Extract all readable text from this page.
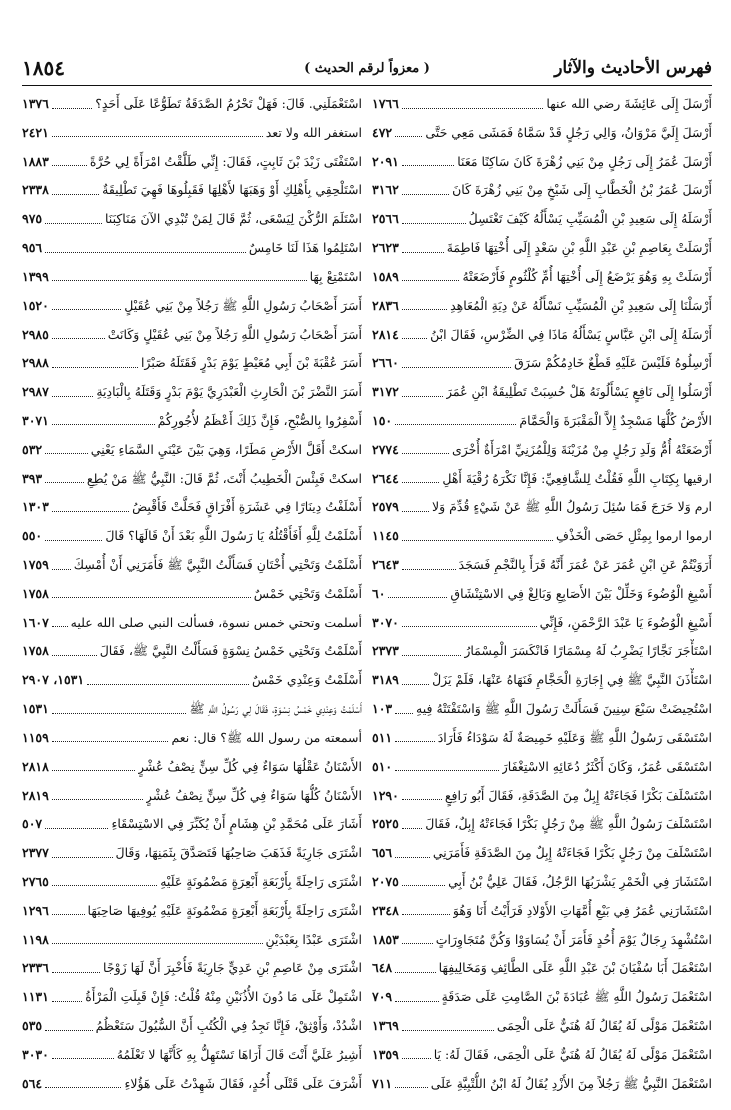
فهرس الأحاديث والآثار
( معزواً لرقم الحديث )
١٨٥٤
أَرْسَلَ إِلَى عَائِشَةَ رضي الله عنها
١٧٦٦
أَرْسَلَ إِلَيَّ مَرْوَانُ، وَالِي رَجُلٍ قَدْ سَمَّاهُ فَمَشَى مَعِي حَتَّى
٤٧٢
أَرْسَلَ عُمَرُ إِلَى رَجُلٍ مِنْ بَنِي زُهْرَةَ كَانَ سَاكِنًا مَعَنَا
٢٠٩١
أَرْسَلَ عُمَرُ بْنُ الْخَطَّابِ إِلَى شَيْخٍ مِنْ بَنِي زُهْرَةَ كَانَ
٣١٦٢
أَرْسَلَهُ إِلَى سَعِيدِ بْنِ الْمُسَيِّبِ يَسْأَلُهُ كَيْفَ تَغْتَسِلُ
٢٥٦٦
أَرْسَلَتْ بِعَاصِمِ بْنِ عَبْدِ اللَّهِ بْنِ سَعْدٍ إِلَى أُخْتِهَا فَاطِمَةَ
٢٦٢٣
أَرْسَلَتْ بِهِ وَهُوَ يَرْضَعُ إِلَى أُخْتِهَا أُمِّ كُلْثُومٍ فَأَرْضَعَتْهُ
١٥٨٩
أَرْسَلْنَا إِلَى سَعِيدِ بْنِ الْمُسَيِّبِ نَسْأَلُهُ عَنْ دِيَةِ الْمُعَاهِدِ
٢٨٣٦
أَرْسَلَهُ إِلَى ابْنِ عَبَّاسٍ يَسْأَلُهُ مَاذَا فِي الضِّرْسِ، فَقَالَ ابْنُ
٢٨١٤
أَرْسِلُوهُ فَلَيْسَ عَلَيْهِ قَطْعٌ خَادِمُكُمْ سَرَقَ
٢٦٦٠
أَرْسَلُوا إِلَى نَافِعٍ يَسْأَلُونَهُ هَلْ حُسِبَتْ تَطْلِيقَةُ ابْنِ عُمَرَ
٣١٧٢
الأَرْضُ كُلُّهَا مَسْجِدٌ إِلاَّ الْمَقْبَرَةَ وَالْحَمَّامَ
١٥٠
أَرْضَعَتْهُ أُمُّ وَلَدِ رَجُلٍ مِنْ مُزَيْنَةَ وَلِلْمُزَنِيِّ امْرَأَةٌ أُخْرَى
٢٧٧٤
ارقيها بِكِتَابِ اللَّهِ فَقُلْتُ لِلشَّافِعِيِّ: فَإِنَّا نَكْرَهُ رُقْيَةَ أَهْلِ
٢٦٤٤
ارم وَلا حَرَجَ فَمَا سُئِلَ رَسُولُ اللَّهِ ﷺ عَنْ شَيْءٍ قُدِّمَ وَلا
٢٥٧٩
ارموا ارموا بِمِثْلِ حَصَى الْخَذْفِ
١١٤٥
أَرَوَيْتُمْ عَنِ ابْنِ عُمَرَ عَنْ عُمَرَ أَنَّهُ قَرَأَ بِالنَّجْمِ فَسَجَدَ
٢٦٤٣
أَسْبِغِ الْوُضُوءَ وَخَلِّلْ بَيْنَ الأَصَابِعِ وَبَالِغْ فِي الاسْتِنْشَاقِ
٦٠
أَسْبِغِ الْوُضُوءَ يَا عَبْدَ الرَّحْمَنِ، فَإِنِّي
٣٠٧٠
اسْتَأْجَرَ نَجَّارًا يَضْرِبُ لَهُ مِسْمَارًا فَانْكَسَرَ الْمِسْمَارُ
٢٣٧٣
اسْتَأْذَنَ النَّبِيَّ ﷺ فِي إِجَارَةِ الْحَجَّامِ فَنَهَاهُ عَنْهَا، فَلَمْ يَزَلْ
٣١٨٩
اسْتُحِيضَتْ سَبْعَ سِنِينَ فَسَأَلَتْ رَسُولَ اللَّهِ ﷺ وَاسْتَفْتَتْهُ فِيهِ
١٠٣
اسْتَسْقَى رَسُولُ اللَّهِ ﷺ وَعَلَيْهِ خَمِيصَةٌ لَهُ سَوْدَاءُ فَأَرَادَ
٥١١
اسْتَسْقَى عُمَرُ، وَكَانَ أَكْثَرُ دُعَائِهِ الاسْتِغْفَارَ
٥١٠
اسْتَسْلَفَ بَكْرًا فَجَاءَتْهُ إِبِلٌ مِنَ الصَّدَقَةِ، فَقَالَ أَبُو رَافِعٍ
١٢٩٠
اسْتَسْلَفَ رَسُولُ اللَّهِ ﷺ مِنْ رَجُلٍ بَكْرًا فَجَاءَتْهُ إِبِلٌ، فَقَالَ
٢٥٢٥
اسْتَسْلَفَ مِنْ رَجُلٍ بَكْرًا فَجَاءَتْهُ إِبِلٌ مِنَ الصَّدَقَةِ فَأَمَرَنِي
٦٥٦
اسْتَشَارَ فِي الْخَمْرِ يَشْرَبُهَا الرَّجُلُ، فَقَالَ عَلِيُّ بْنُ أَبِي
٢٠٧٥
اسْتَشَارَنِي عُمَرُ فِي بَيْعِ أُمَّهَاتِ الأَوْلادِ فَرَأَيْتُ أَنَا وَهُوَ
٢٣٤٨
اسْتُشْهِدَ رِجَالٌ يَوْمَ أُحُدٍ فَأَمَرَ أَنْ يُسَاوَوْا وَكُنَّ مُتَجَاوِرَاتٍ
١٨٥٣
اسْتَعْمَلَ أَبَا سُفْيَانَ بْنَ عَبْدِ اللَّهِ عَلَى الطَّائِفِ وَمَخَالِيفِهَا
٦٤٨
اسْتَعْمَلَ رَسُولُ اللَّهِ ﷺ عُبَادَةَ بْنَ الصَّامِتِ عَلَى صَدَقَةٍ
٧٠٩
اسْتَعْمَلَ مَوْلًى لَهُ يُقَالُ لَهُ هُنَيٌّ عَلَى الْحِمَى
١٣٦٩
اسْتَعْمَلَ مَوْلًى لَهُ يُقَالُ لَهُ هُنَيٌّ عَلَى الْحِمَى، فَقَالَ لَهُ: يَا
١٣٥٩
اسْتَعْمَلَ النَّبِيُّ ﷺ رَجُلاً مِنَ الأَزْدِ يُقَالُ لَهُ ابْنُ اللُّتْبِيَّةِ عَلَى
٧١١
اسْتَعْمَلَنِي. قَالَ: فَهَلْ تَحْرُمُ الصَّدَقَةُ تَطَوُّعًا عَلَى أَحَدٍ؟
١٣٧٦
استغفر الله ولا تعد
٢٤٢١
اسْتَفْتَى زَيْدَ بْنَ ثَابِتٍ، فَقَالَ: إِنِّي طَلَّقْتُ امْرَأَةً لِي حُرَّةً
١٨٨٣
اسْتَلْحِقِي بِأَهْلِكِ أَوْ وَهَبَهَا لأَهْلِهَا فَقَبِلُوهَا فَهِيَ تَطْلِيقَةٌ
٢٣٣٨
اسْتَلَمَ الرُّكْنَ لِيَسْعَى، ثُمَّ قَالَ لِمَنْ تُبْدِي الآنَ مَنَاكِبَنَا
٩٧٥
اسْتَلِمُوا هَذَا لَنَا خَامِسٌ
٩٥٦
اسْتَمْتِعْ بِهَا
١٣٩٩
أَسَرَ أَصْحَابُ رَسُولِ اللَّهِ ﷺ رَجُلاً مِنْ بَنِي عُقَيْلٍ
١٥٢٠
أَسَرَ أَصْحَابُ رَسُولِ اللَّهِ رَجُلاً مِنْ بَنِي عُقَيْلٍ وَكَانَتْ
٢٩٨٥
أَسَرَ عُقْبَةَ بْنَ أَبِي مُعَيْطٍ يَوْمَ بَدْرٍ فَقَتَلَهُ صَبْرًا
٢٩٨٨
أَسَرَ النَّضْرَ بْنَ الْحَارِثِ الْعَبْدَرِيَّ يَوْمَ بَدْرٍ وَقَتَلَهُ بِالْبَادِيَةِ
٢٩٨٧
أَسْفِرُوا بِالصُّبْحِ، فَإِنَّ ذَلِكَ أَعْظَمُ لأُجُورِكُمْ
٣٠٧١
اسكتْ أَقَلَّ الأَرْضِ مَطَرًا، وَهِيَ بَيْنَ عَيْنَيِ السَّمَاءِ يَعْنِي
٥٣٢
اسكتْ فَبِئْسَ الْخَطِيبُ أَنْتَ، ثُمَّ قَالَ: النَّبِيُّ ﷺ مَنْ يُطِعِ
٣٩٣
أَسْلَفْتُ دِينَارًا فِي عَشَرَةِ أَفْرَاقٍ فَحَلَّتْ فَأَقْبِضُ
١٣٠٣
أَسْلَمْتُ لِلَّهِ أَفَأَقْتُلُهُ يَا رَسُولَ اللَّهِ بَعْدَ أَنْ قَالَهَا؟ قَالَ
٥٥٠
أَسْلَمْتُ وَتَحْتِي أُخْتَانِ فَسَأَلْتُ النَّبِيَّ ﷺ فَأَمَرَنِي أَنْ أُمْسِكَ
١٧٥٩
أَسْلَمْتُ وَتَحْتِي خَمْسٌ
١٧٥٨
أسلمت وتحتي خمس نسوة، فسألت النبي صلى الله عليه
١٦٠٧
أَسْلَمْتُ وَتَحْتِي خَمْسُ نِسْوَةٍ فَسَأَلْتُ النَّبِيَّ ﷺ، فَقَالَ
١٧٥٨
أَسْلَمْتُ وَعِنْدِي خَمْسٌ
١٥٣١، ٢٩٠٧
أَسْلَمْتُ وَعِنْدِي خَمْسُ نِسْوَةٍ، فَقَالَ لِي رَسُولُ اللَّهِ ﷺ
١٥٣١
أسمعته من رسول الله ﷺ؟ قال: نعم
١١٥٩
الأَسْنَانُ عَقْلُهَا سَوَاءٌ فِي كُلِّ سِنٍّ نِصْفُ عُشْرٍ
٢٨١٨
الأَسْنَانُ كُلُّهَا سَوَاءٌ فِي كُلِّ سِنٍّ نِصْفُ عُشْرٍ
٢٨١٩
أَشَارَ عَلَى مُحَمَّدِ بْنِ هِشَامٍ أَنْ يُكَبِّرَ فِي الاسْتِسْقَاءِ
٥٠٧
اشْتَرَى جَارِيَةً فَذَهَبَ صَاحِبُهَا فَتَصَدَّقَ بِثَمَنِهَا، وَقَالَ
٢٣٧٧
اشْتَرَى رَاحِلَةً بِأَرْبَعَةِ أَبْعِرَةٍ مَضْمُونَةٍ عَلَيْهِ
٢٧٦٥
اشْتَرَى رَاحِلَةً بِأَرْبَعَةِ أَبْعِرَةٍ مَضْمُونَةٍ عَلَيْهِ يُوفِيهَا صَاحِبَهَا
١٢٩٦
اشْتَرَى عَبْدًا بِعَبْدَيْنِ
١١٩٨
اشْتَرَى مِنْ عَاصِمِ بْنِ عَدِيٍّ جَارِيَةً فَأُخْبِرَ أَنَّ لَهَا زَوْجًا
٢٣٣٦
اشْتَمِلْ عَلَى مَا دُونَ الأُذُنَيْنِ مِنْهُ قُلْتُ: فَإِنْ قَبِلَتِ الْمَرْأَةُ
١١٣١
اشْدُدْ، وَأَوْثِقْ، فَإِنَّا نَجِدُ فِي الْكُتُبِ أَنَّ السُّيُولَ سَتَعْظُمُ
٥٣٥
أَشِيرُ عَلَيَّ أَنْتَ قَالَ أَرَاهَا تَسْتَهِلُّ بِهِ كَأَنَّهَا لا تَعْلَمُهُ
٣٠٣٠
أَشْرَفَ عَلَى قَتْلَى أُحُدٍ، فَقَالَ شَهِدْتُ عَلَى هَؤُلاءِ
٥٦٤
